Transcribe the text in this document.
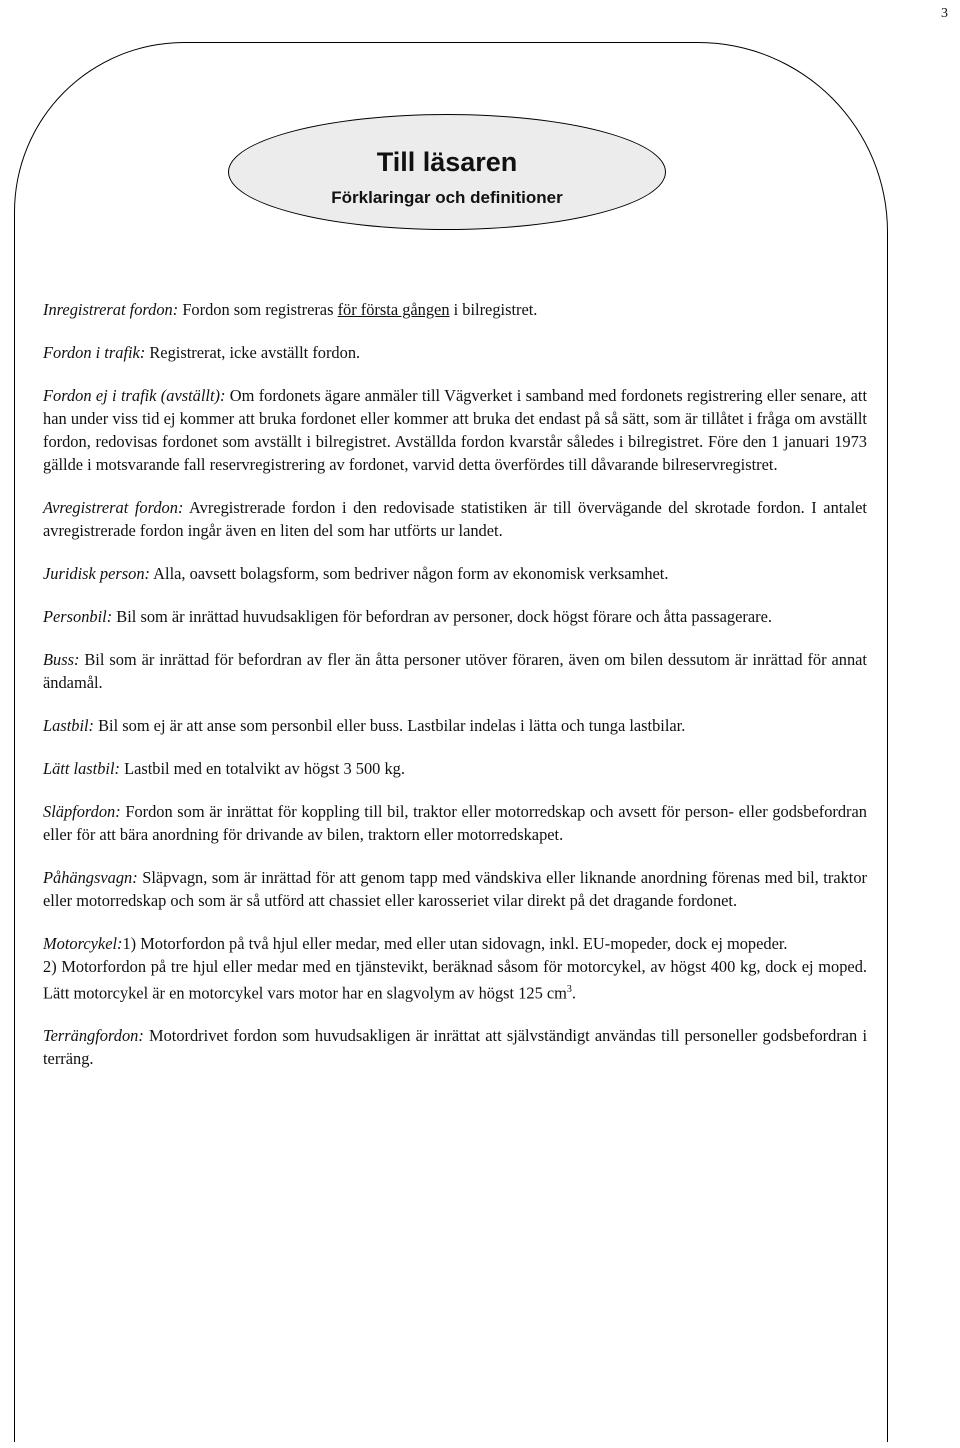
3
Till läsaren
Förklaringar och definitioner

Inregistrerat fordon: Fordon som registreras för första gången i bilregistret.

Fordon i trafik: Registrerat, icke avställt fordon.

Fordon ej i trafik (avställt): Om fordonets ägare anmäler till Vägverket i samband med fordonets registrering eller senare, att han under viss tid ej kommer att bruka fordonet eller kommer att bruka det endast på så sätt, som är tillåtet i fråga om avställt fordon, redovisas fordonet som avställt i bilregistret. Avställda fordon kvarstår således i bilregistret. Före den 1 januari 1973 gällde i motsvarande fall reservregistrering av fordonet, varvid detta överfördes till dåvarande bilreservregistret.

Avregistrerat fordon: Avregistrerade fordon i den redovisade statistiken är till övervägande del skrotade fordon. I antalet avregistrerade fordon ingår även en liten del som har utförts ur landet.

Juridisk person: Alla, oavsett bolagsform, som bedriver någon form av ekonomisk verksamhet.

Personbil: Bil som är inrättad huvudsakligen för befordran av personer, dock högst förare och åtta passagerare.

Buss: Bil som är inrättad för befordran av fler än åtta personer utöver föraren, även om bilen dessutom är inrättad för annat ändamål.

Lastbil: Bil som ej är att anse som personbil eller buss. Lastbilar indelas i lätta och tunga lastbilar.

Lätt lastbil: Lastbil med en totalvikt av högst 3 500 kg.

Släpfordon: Fordon som är inrättat för koppling till bil, traktor eller motorredskap och avsett för person- eller godsbefordran eller för att bära anordning för drivande av bilen, traktorn eller motorredskapet.

Påhängsvagn: Släpvagn, som är inrättad för att genom tapp med vändskiva eller liknande anordning förenas med bil, traktor eller motorredskap och som är så utförd att chassiet eller karosseriet vilar direkt på det dragande fordonet.

Motorcykel:1) Motorfordon på två hjul eller medar, med eller utan sidovagn, inkl. EU-mopeder, dock ej mopeder.

2) Motorfordon på tre hjul eller medar med en tjänstevikt, beräknad såsom för motorcykel, av högst 400 kg, dock ej moped. Lätt motorcykel är en motorcykel vars motor har en slagvolym av högst 125 $cm^3$.

Terrängfordon: Motordrivet fordon som huvudsakligen är inrättat att självständigt användas till personeller godsbefordran i terräng.
